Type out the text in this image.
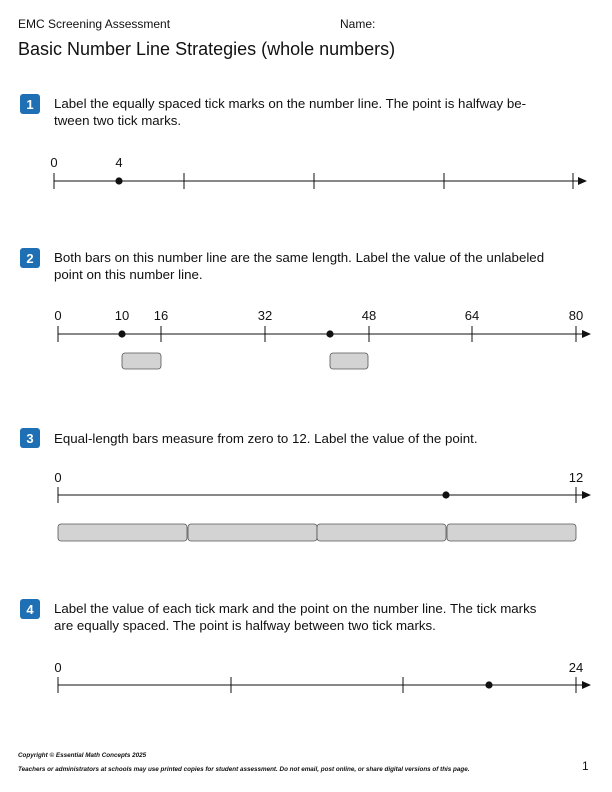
EMC Screening Assessment	Name:
Basic Number Line Strategies (whole numbers)
1	Label the equally spaced tick marks on the number line. The point is halfway be-
tween two tick marks.
0	4
2	Both bars on this number line are the same length. Label the value of the unlabeled
point on this number line.
0	10 16	32	48	64	80
3	Equal-length bars measure from zero to 12. Label the value of the point.
0	12
4	Label the value of each tick mark and the point on the number line. The tick marks
are equally spaced. The point is halfway between two tick marks.
0	24
Copyright © Essential Math Concepts 2025
Teachers or administrators at schools may use printed copies for student assessment. Do not email, post online, or share digital versions of this page.	1
